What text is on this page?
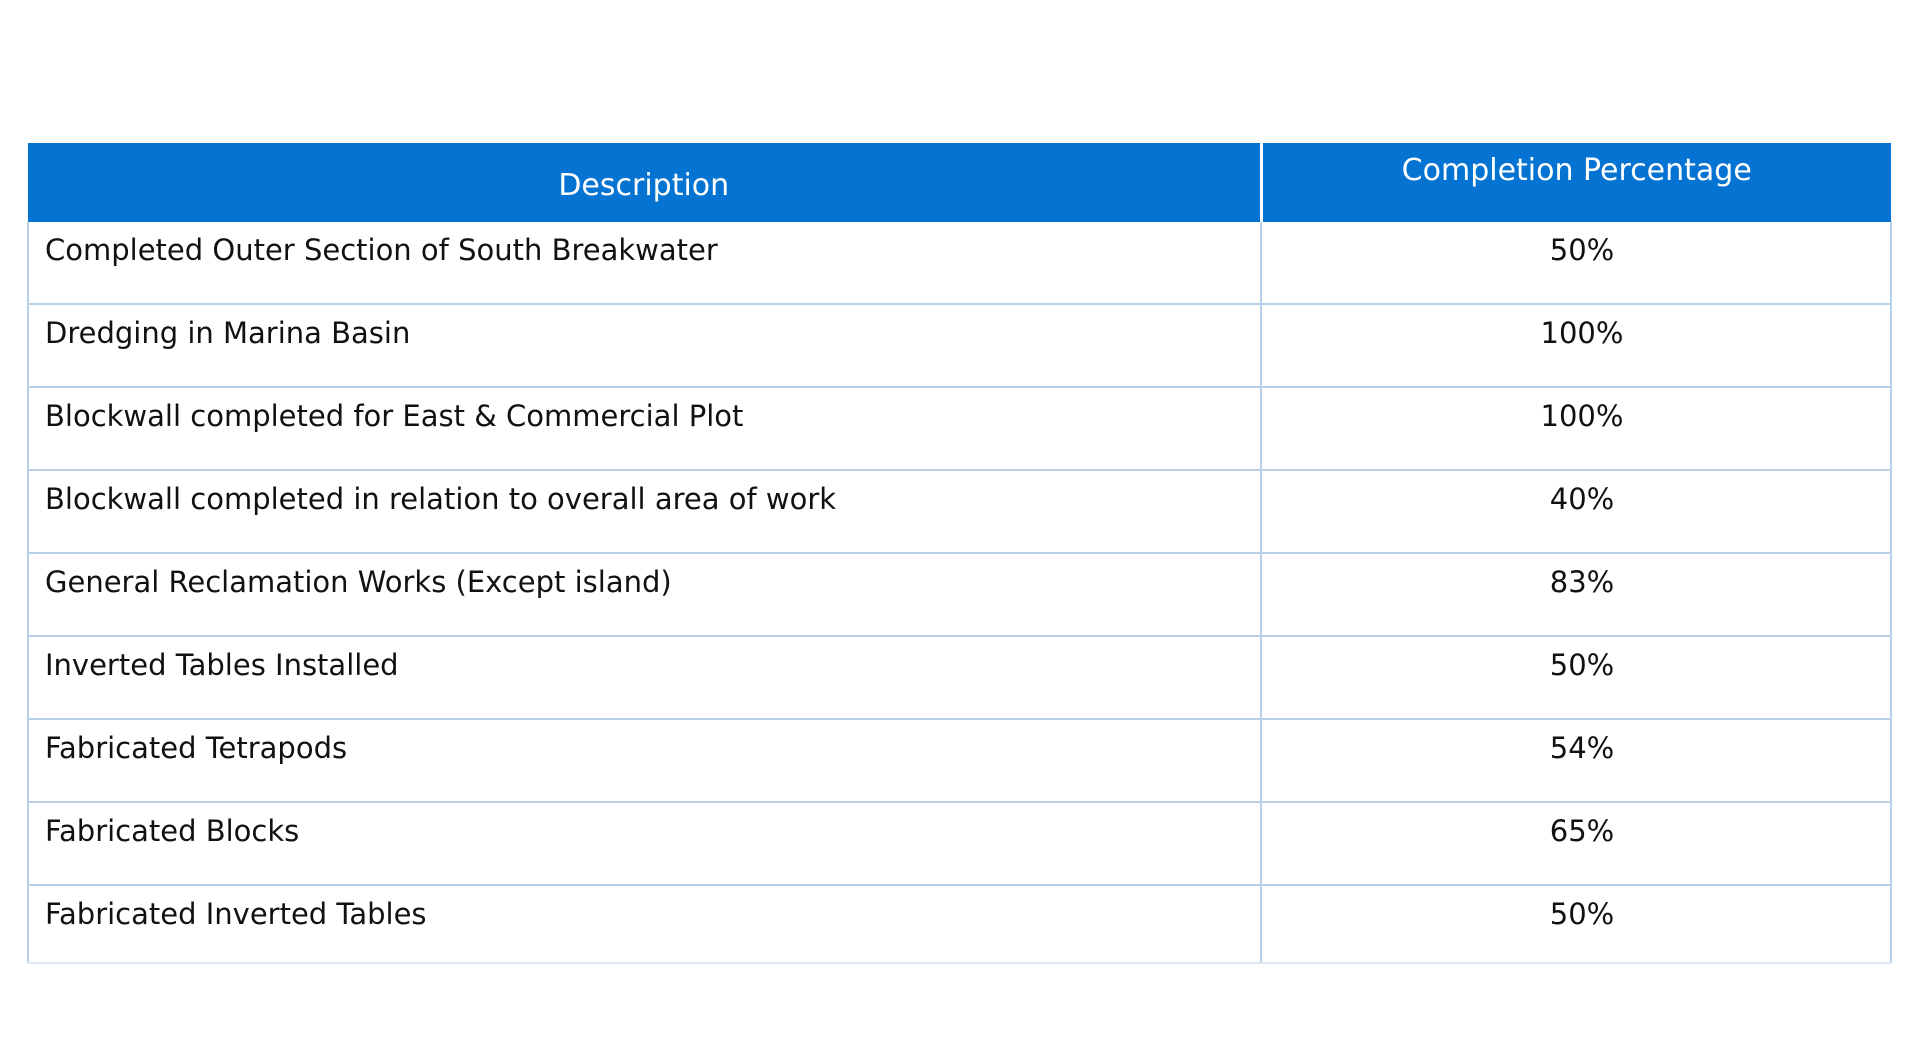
Description	Completion Percentage

Completed Outer Section of South Breakwater	50%

Dredging in Marina Basin	100%

Blockwall completed for East & Commercial Plot	100%

Blockwall completed in relation to overall area of work	40%

General Reclamation Works (Except island)	83%

Inverted Tables Installed	50%

Fabricated Tetrapods	54%

Fabricated Blocks	65%

Fabricated Inverted Tables	50%
